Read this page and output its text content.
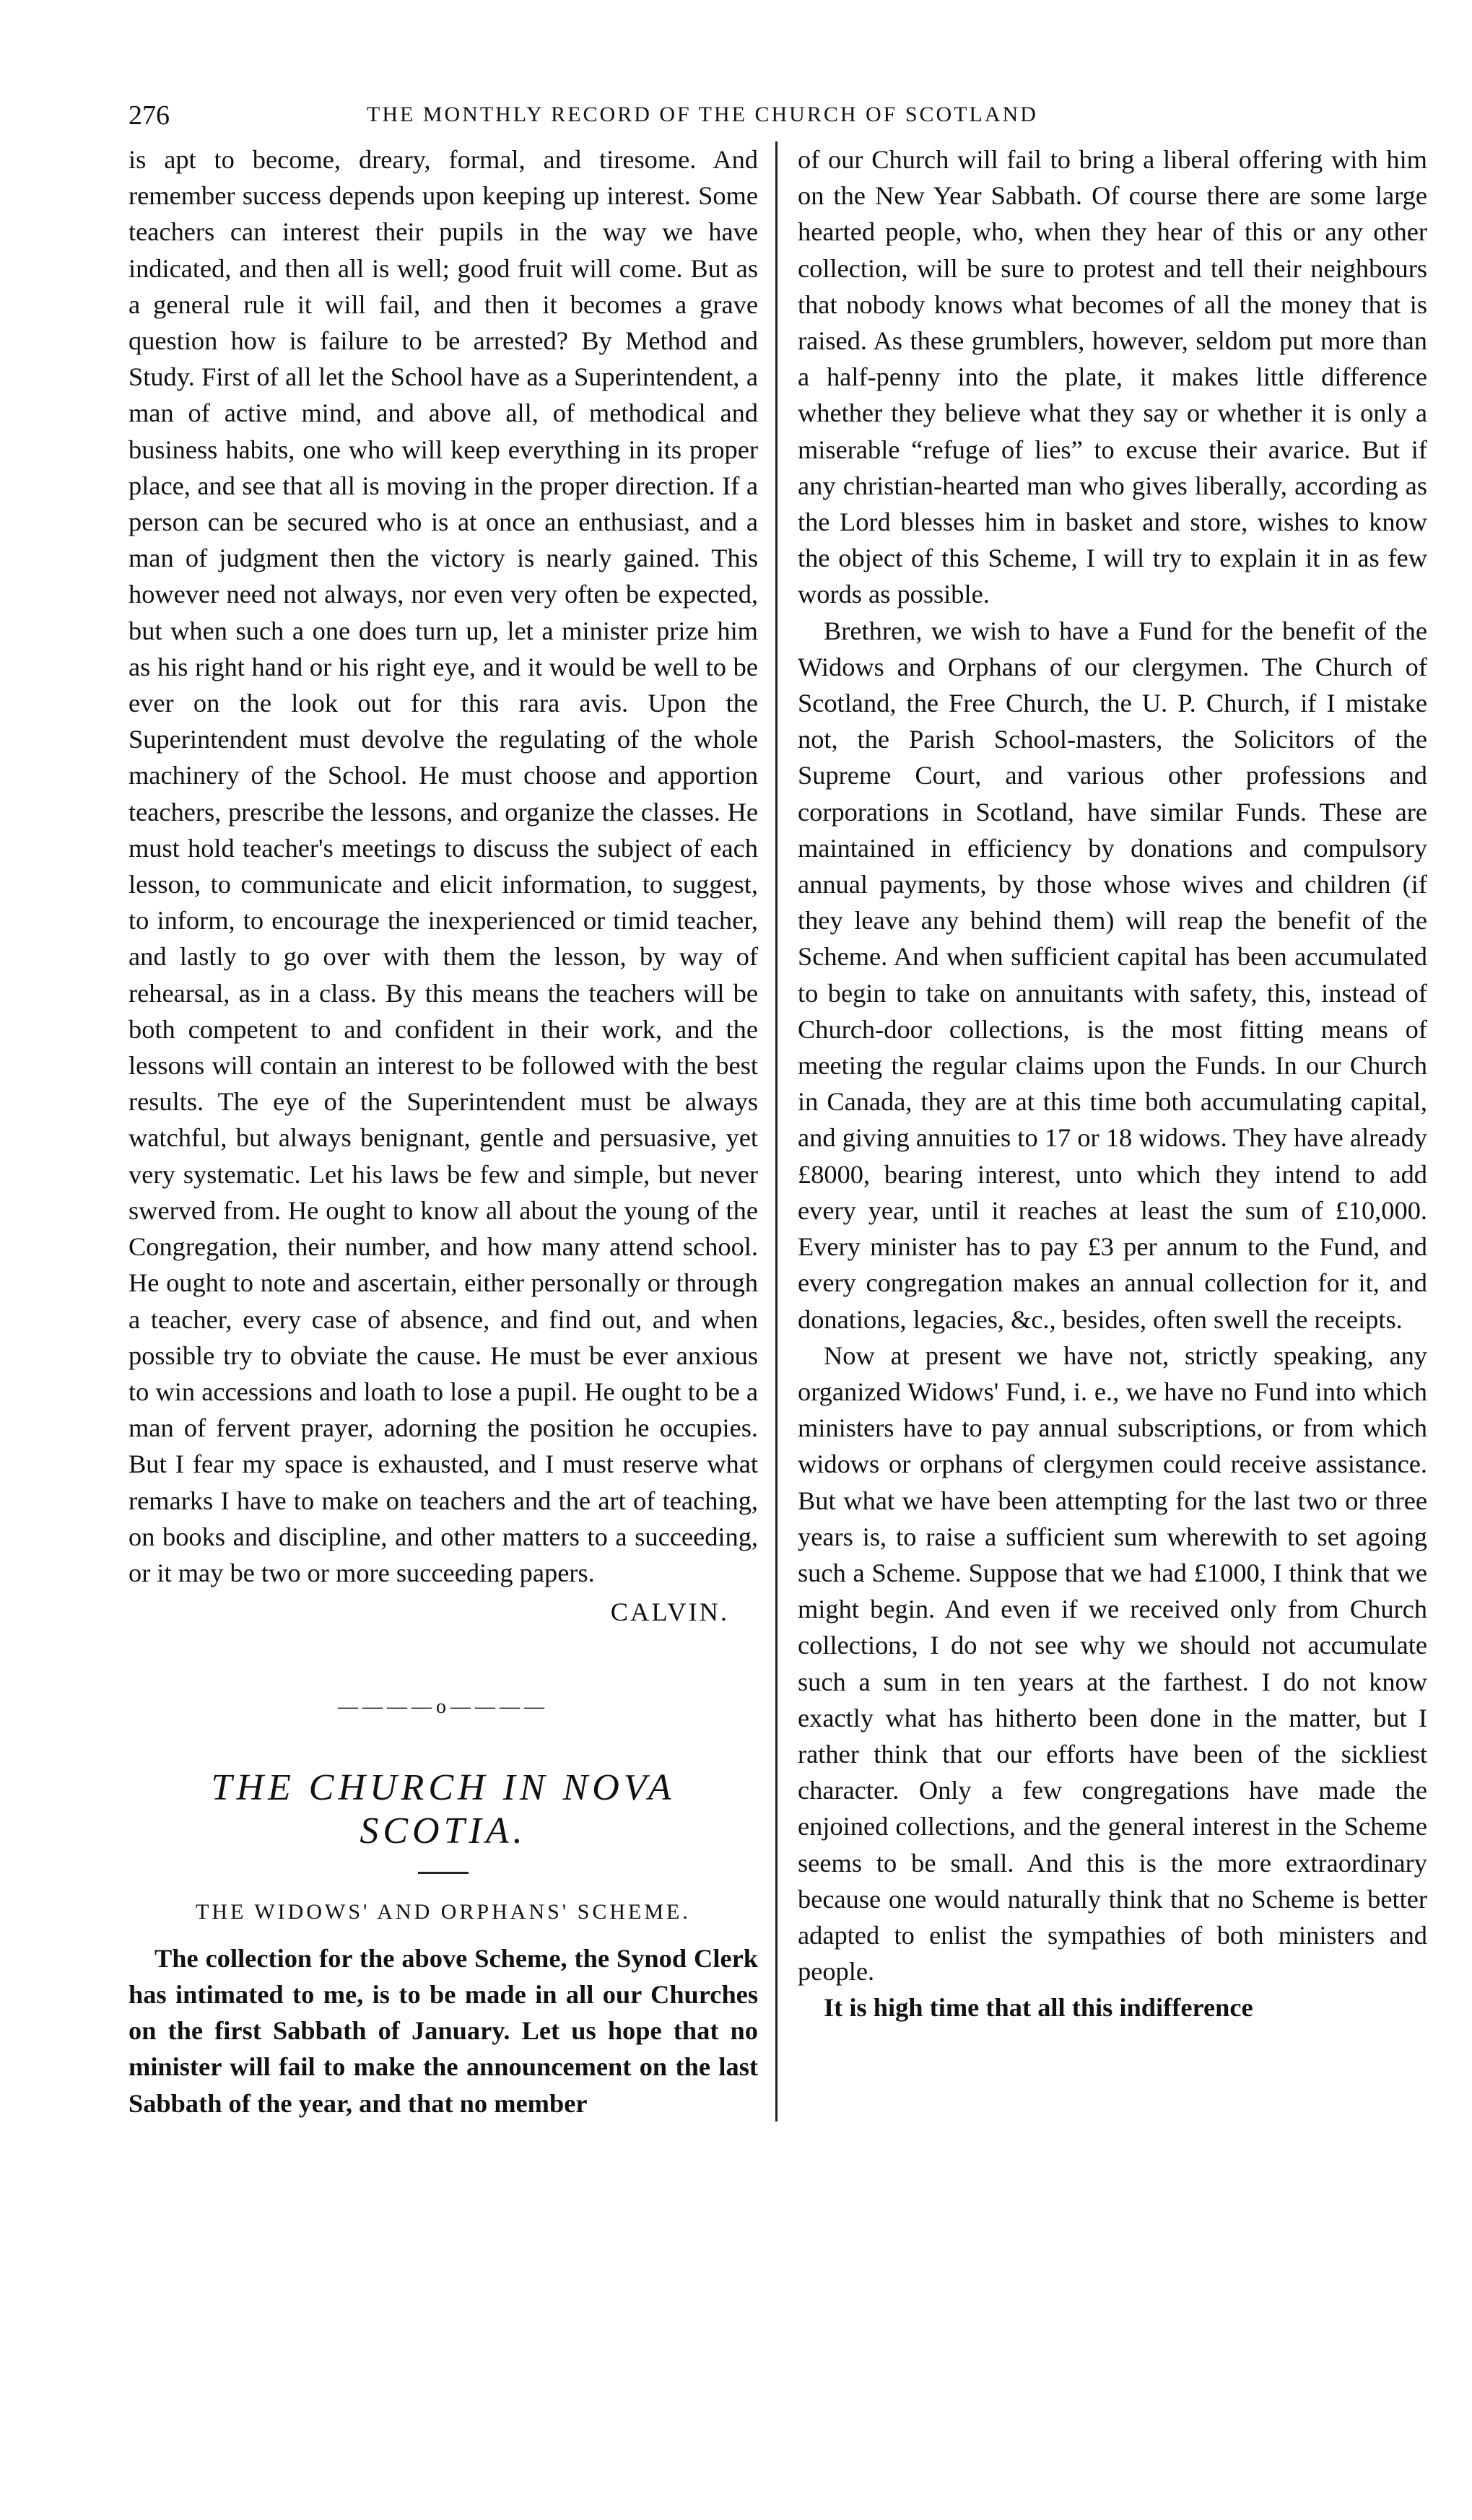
276	THE MONTHLY RECORD OF THE CHURCH OF SCOTLAND

is apt to become, dreary, formal, and tiresome. And remember success depends upon keeping up interest. Some teachers can interest their pupils in the way we have indicated, and then all is well; good fruit will come. But as a general rule it will fail, and then it becomes a grave question how is failure to be arrested? By Method and Study. First of all let the School have as a Superintendent, a man of active mind, and above all, of methodical and business habits, one who will keep everything in its proper place, and see that all is moving in the proper direction. If a person can be secured who is at once an enthusiast, and a man of judgment then the victory is nearly gained. This however need not always, nor even very often be expected, but when such a one does turn up, let a minister prize him as his right hand or his right eye, and it would be well to be ever on the look out for this rara avis. Upon the Superintendent must devolve the regulating of the whole machinery of the School. He must choose and apportion teachers, prescribe the lessons, and organize the classes. He must hold teacher's meetings to discuss the subject of each lesson, to communicate and elicit information, to suggest, to inform, to encourage the inexperienced or timid teacher, and lastly to go over with them the lesson, by way of rehearsal, as in a class. By this means the teachers will be both competent to and confident in their work, and the lessons will contain an interest to be followed with the best results. The eye of the Superintendent must be always watchful, but always benignant, gentle and persuasive, yet very systematic. Let his laws be few and simple, but never swerved from. He ought to know all about the young of the Congregation, their number, and how many attend school. He ought to note and ascertain, either personally or through a teacher, every case of absence, and find out, and when possible try to obviate the cause. He must be ever anxious to win accessions and loath to lose a pupil. He ought to be a man of fervent prayer, adorning the position he occupies. But I fear my space is exhausted, and I must reserve what remarks I have to make on teachers and the art of teaching, on books and discipline, and other matters to a succeeding, or it may be two or more succeeding papers.

CALVIN.

————o————
THE CHURCH IN NOVA SCOTIA.
THE WIDOWS' AND ORPHANS' SCHEME.

The collection for the above Scheme, the Synod Clerk has intimated to me, is to be made in all our Churches on the first Sabbath of January. Let us hope that no minister will fail to make the announcement on the last Sabbath of the year, and that no member

of our Church will fail to bring a liberal offering with him on the New Year Sabbath. Of course there are some large hearted people, who, when they hear of this or any other collection, will be sure to protest and tell their neighbours that nobody knows what becomes of all the money that is raised. As these grumblers, however, seldom put more than a half-penny into the plate, it makes little difference whether they believe what they say or whether it is only a miserable “refuge of lies” to excuse their avarice. But if any christian-hearted man who gives liberally, according as the Lord blesses him in basket and store, wishes to know the object of this Scheme, I will try to explain it in as few words as possible.

Brethren, we wish to have a Fund for the benefit of the Widows and Orphans of our clergymen. The Church of Scotland, the Free Church, the U. P. Church, if I mistake not, the Parish School-masters, the Solicitors of the Supreme Court, and various other professions and corporations in Scotland, have similar Funds. These are maintained in efficiency by donations and compulsory annual payments, by those whose wives and children (if they leave any behind them) will reap the benefit of the Scheme. And when sufficient capital has been accumulated to begin to take on annuitants with safety, this, instead of Church-door collections, is the most fitting means of meeting the regular claims upon the Funds. In our Church in Canada, they are at this time both accumulating capital, and giving annuities to 17 or 18 widows. They have already £8000, bearing interest, unto which they intend to add every year, until it reaches at least the sum of £10,000. Every minister has to pay £3 per annum to the Fund, and every congregation makes an annual collection for it, and donations, legacies, &c., besides, often swell the receipts.

Now at present we have not, strictly speaking, any organized Widows' Fund, i. e., we have no Fund into which ministers have to pay annual subscriptions, or from which widows or orphans of clergymen could receive assistance. But what we have been attempting for the last two or three years is, to raise a sufficient sum wherewith to set agoing such a Scheme. Suppose that we had £1000, I think that we might begin. And even if we received only from Church collections, I do not see why we should not accumulate such a sum in ten years at the farthest. I do not know exactly what has hitherto been done in the matter, but I rather think that our efforts have been of the sickliest character. Only a few congregations have made the enjoined collections, and the general interest in the Scheme seems to be small. And this is the more extraordinary because one would naturally think that no Scheme is better adapted to enlist the sympathies of both ministers and people.

It is high time that all this indifference
